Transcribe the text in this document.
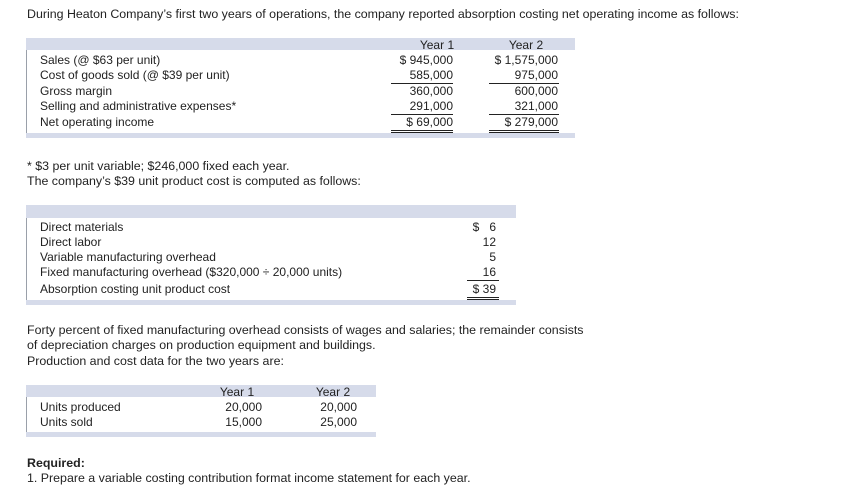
During Heaton Company’s first two years of operations, the company reported absorption costing net operating income as follows:

Year 1	Year 2
Sales (@ $63 per unit)	$ 945,000	$ 1,575,000
Cost of goods sold (@ $39 per unit)	585,000	975,000
Gross margin	360,000	600,000
Selling and administrative expenses*	291,000	321,000
Net operating income	$ 69,000	$ 279,000

* $3 per unit variable; $246,000 fixed each year.

The company’s $39 unit product cost is computed as follows:

Direct materials	$   6
Direct labor	12
Variable manufacturing overhead	5
Fixed manufacturing overhead ($320,000 ÷ 20,000 units)	16
Absorption costing unit product cost	$ 39

Forty percent of fixed manufacturing overhead consists of wages and salaries; the remainder consists

of depreciation charges on production equipment and buildings.

Production and cost data for the two years are:

Year 1	Year 2
Units produced	20,000	20,000
Units sold	15,000	25,000

Required:

1. Prepare a variable costing contribution format income statement for each year.
